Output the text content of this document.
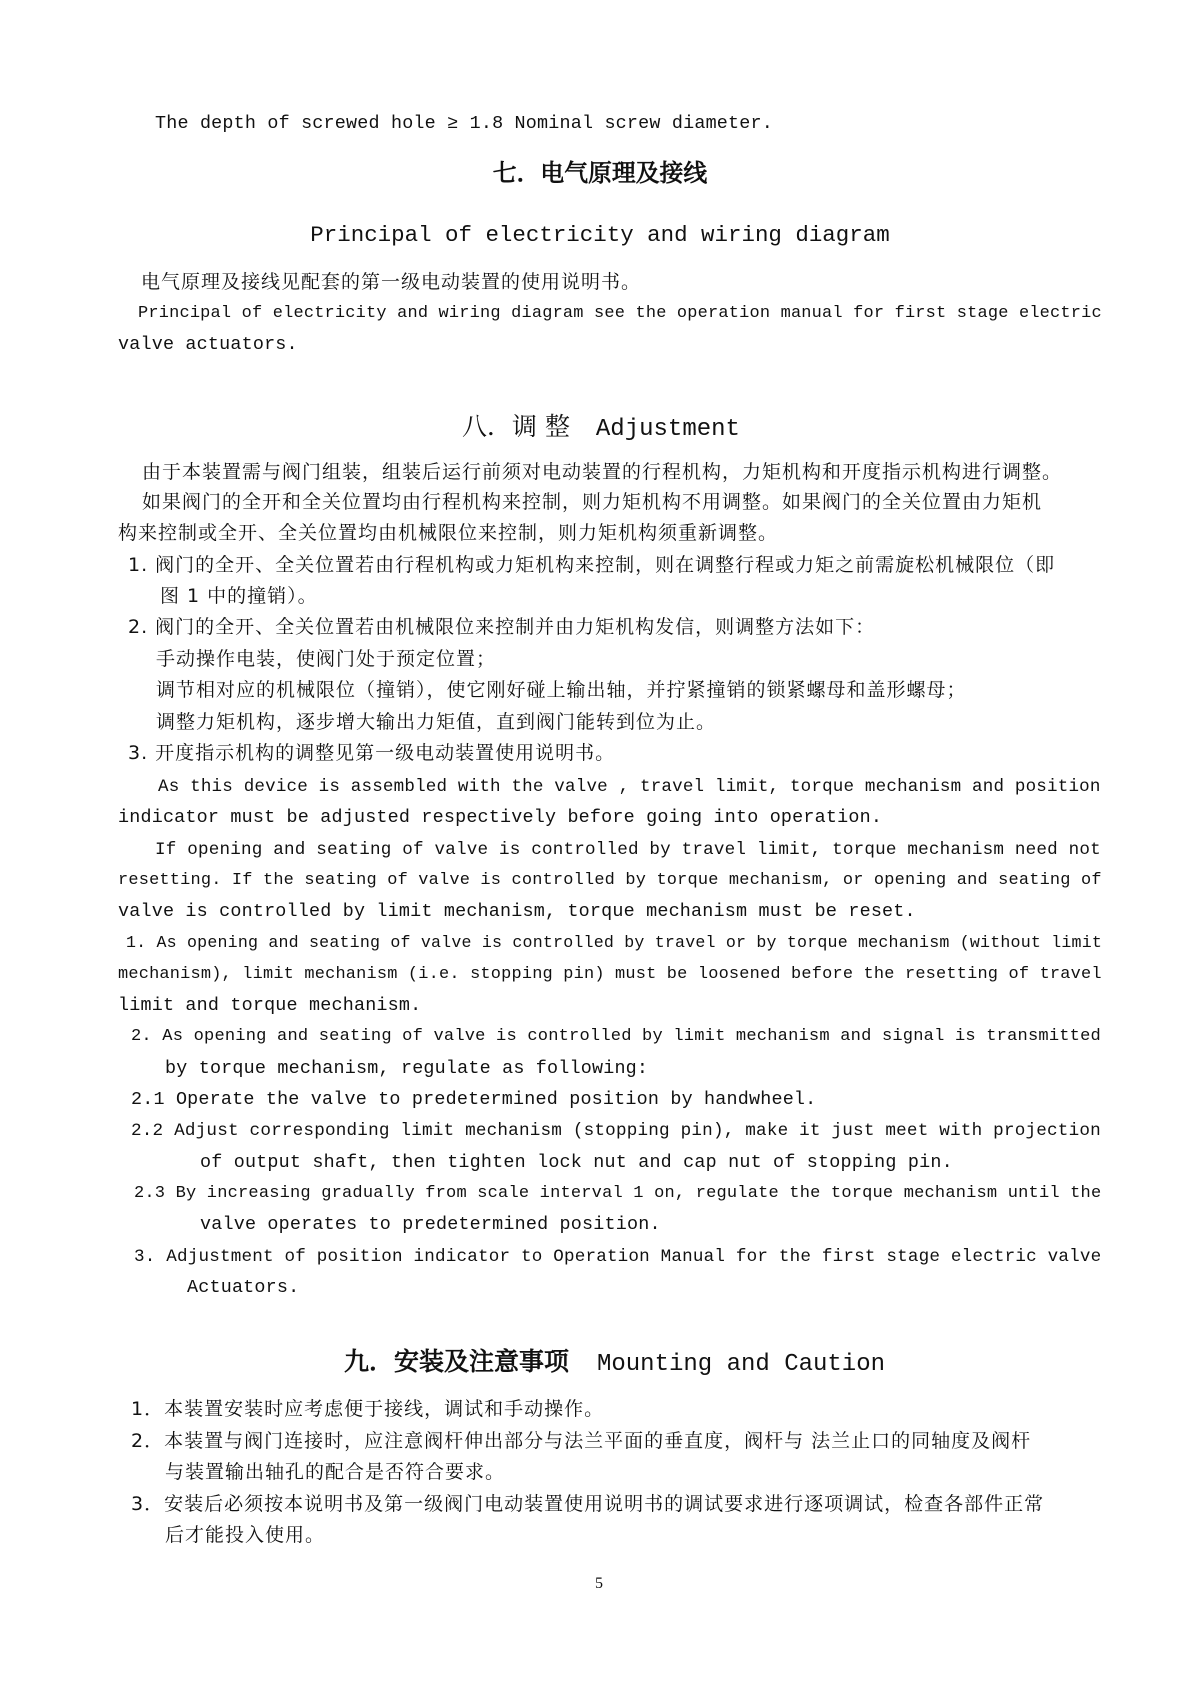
The depth of screwed hole ≥ 1.8 Nominal screw diameter.
七．电气原理及接线
Principal of electricity and wiring diagram
电气原理及接线见配套的第一级电动装置的使用说明书。
Principal of electricity and wiring diagram see the operation manual for first stage electric
valve actuators.
八．调 整 Adjustment
由于本装置需与阀门组装，组装后运行前须对电动装置的行程机构，力矩机构和开度指示机构进行调整。
如果阀门的全开和全关位置均由行程机构来控制，则力矩机构不用调整。如果阀门的全关位置由力矩机
构来控制或全开、全关位置均由机械限位来控制，则力矩机构须重新调整。
1. 阀门的全开、全关位置若由行程机构或力矩机构来控制，则在调整行程或力矩之前需旋松机械限位（即
图 1 中的撞销）。
2. 阀门的全开、全关位置若由机械限位来控制并由力矩机构发信，则调整方法如下：
手动操作电装，使阀门处于预定位置；
调节相对应的机械限位（撞销），使它刚好碰上输出轴，并拧紧撞销的锁紧螺母和盖形螺母；
调整力矩机构，逐步增大输出力矩值，直到阀门能转到位为止。
3. 开度指示机构的调整见第一级电动装置使用说明书。
As this device is assembled with the valve , travel limit, torque mechanism and position
indicator must be adjusted respectively before going into operation.
If opening and seating of valve is controlled by travel limit, torque mechanism need not
resetting. If the seating of valve is controlled by torque mechanism, or opening and seating of
valve is controlled by limit mechanism, torque mechanism must be reset.
1. As opening and seating of valve is controlled by travel or by torque mechanism (without limit
mechanism), limit mechanism (i.e. stopping pin) must be loosened before the resetting of travel
limit and torque mechanism.
2. As opening and seating of valve is controlled by limit mechanism and signal is transmitted
by torque mechanism, regulate as following:
2.1 Operate the valve to predetermined position by handwheel.
2.2 Adjust corresponding limit mechanism (stopping pin), make it just meet with projection
of output shaft, then tighten lock nut and cap nut of stopping pin.
2.3 By increasing gradually from scale interval 1 on, regulate the torque mechanism until the
valve operates to predetermined position.
3. Adjustment of position indicator to Operation Manual for the first stage electric valve
Actuators.
九．安装及注意事项 Mounting and Caution
1．本装置安装时应考虑便于接线，调试和手动操作。
2．本装置与阀门连接时，应注意阀杆伸出部分与法兰平面的垂直度，阀杆与 法兰止口的同轴度及阀杆
与装置输出轴孔的配合是否符合要求。
3．安装后必须按本说明书及第一级阀门电动装置使用说明书的调试要求进行逐项调试，检查各部件正常
后才能投入使用。
5
